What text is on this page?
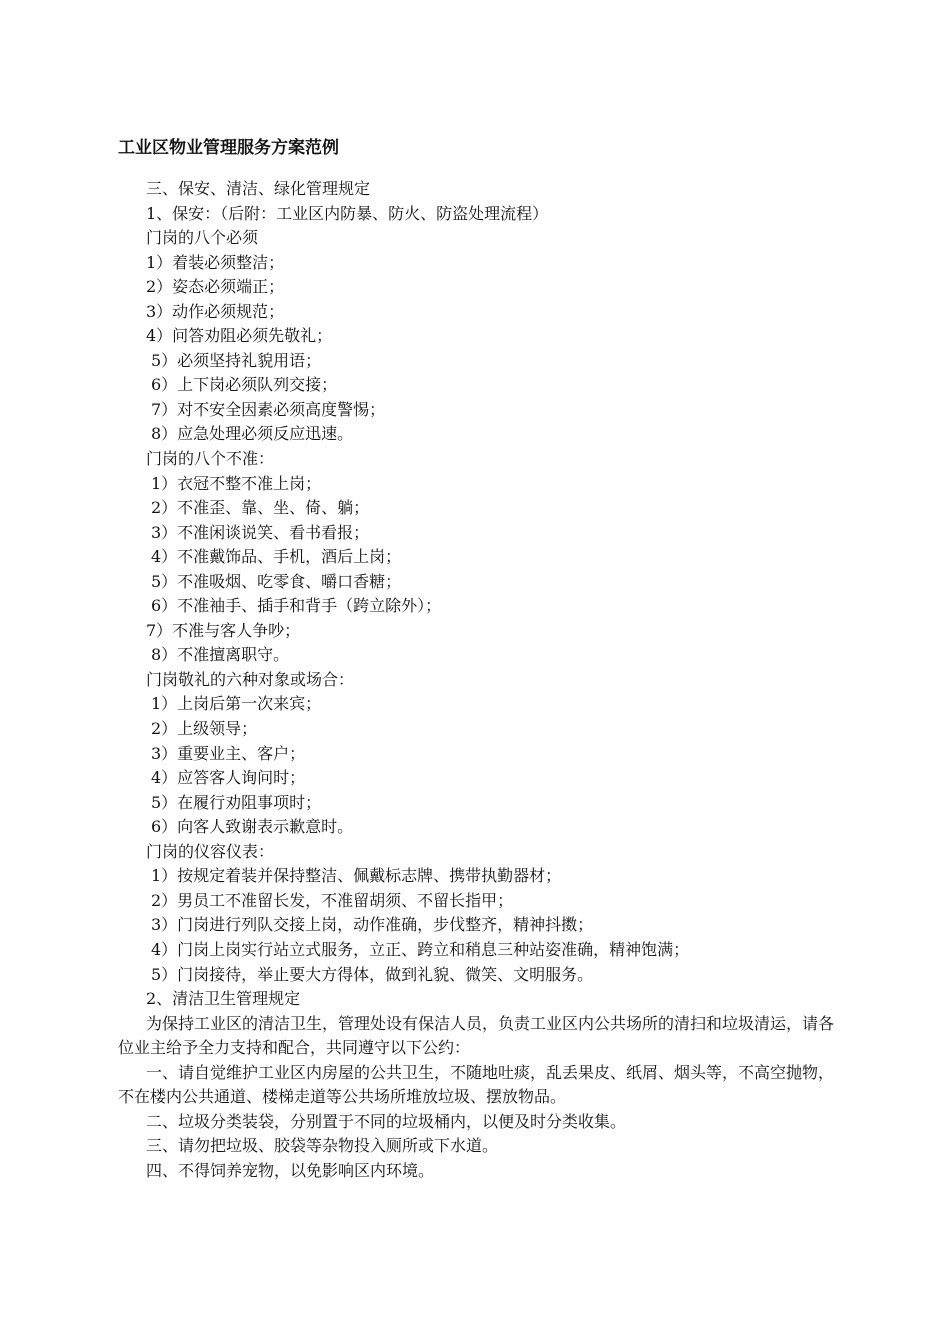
工业区物业管理服务方案范例
三、保安、清洁、绿化管理规定
1、保安：（后附：工业区内防暴、防火、防盗处理流程）
门岗的八个必须
1）着装必须整洁；
2）姿态必须端正；
3）动作必须规范；
4）问答劝阻必须先敬礼；
5）必须坚持礼貌用语；
6）上下岗必须队列交接；
7）对不安全因素必须高度警惕；
8）应急处理必须反应迅速。
门岗的八个不准：
1）衣冠不整不准上岗；
2）不准歪、靠、坐、倚、躺；
3）不准闲谈说笑、看书看报；
4）不准戴饰品、手机，酒后上岗；
5）不准吸烟、吃零食、嚼口香糖；
6）不准袖手、插手和背手（跨立除外）；
7）不准与客人争吵；
8）不准擅离职守。
门岗敬礼的六种对象或场合：
1）上岗后第一次来宾；
2）上级领导；
3）重要业主、客户；
4）应答客人询问时；
5）在履行劝阻事项时；
6）向客人致谢表示歉意时。
门岗的仪容仪表：
1）按规定着装并保持整洁、佩戴标志牌、携带执勤器材；
2）男员工不准留长发，不准留胡须、不留长指甲；
3）门岗进行列队交接上岗，动作准确，步伐整齐，精神抖擞；
4）门岗上岗实行站立式服务，立正、跨立和稍息三种站姿准确，精神饱满；
5）门岗接待，举止要大方得体，做到礼貌、微笑、文明服务。
2、清洁卫生管理规定
为保持工业区的清洁卫生，管理处设有保洁人员，负责工业区内公共场所的清扫和垃圾清运，请各位业主给予全力支持和配合，共同遵守以下公约：
一、请自觉维护工业区内房屋的公共卫生，不随地吐痰，乱丢果皮、纸屑、烟头等，不高空抛物，不在楼内公共通道、楼梯走道等公共场所堆放垃圾、摆放物品。
二、垃圾分类装袋，分别置于不同的垃圾桶内，以便及时分类收集。
三、请勿把垃圾、胶袋等杂物投入厕所或下水道。
四、不得饲养宠物，以免影响区内环境。
